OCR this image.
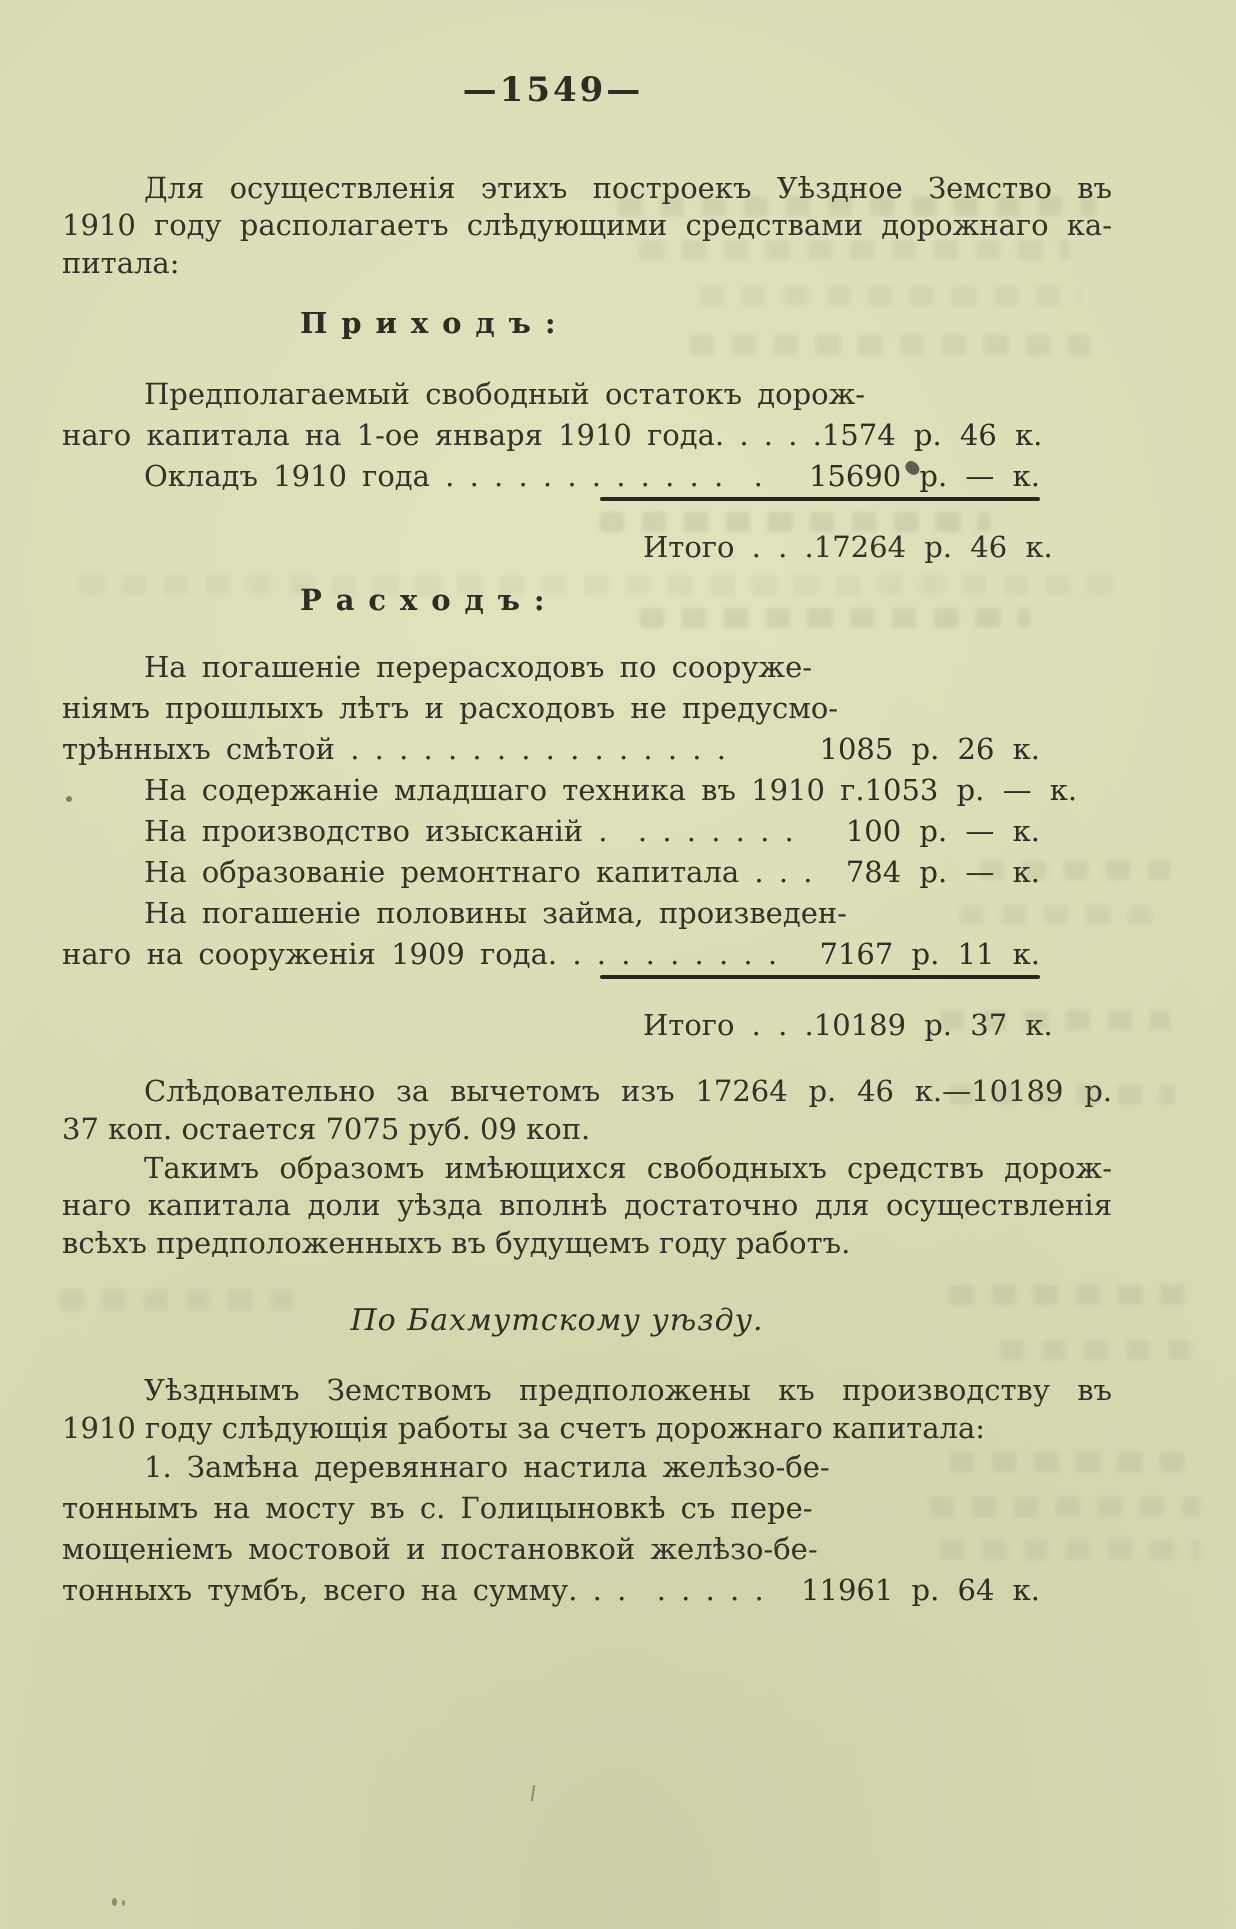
—1549—
Для осуществленія этихъ построекъ Уѣздное Земство въ
1910 году располагаетъ слѣдующими средствами дорожнаго ка-
питала:
Приходъ:
Предполагаемый свободный остатокъ дорож-
наго капитала на 1-ое января 1910 года. . . . . 1574 р. 46 к.
Окладъ 1910 года . . . . . . . . . . . .  . 15690 р. — к.
Итого . . . 17264 р. 46 к.
Расходъ:
На погашеніе перерасходовъ по сооруже-
ніямъ прошлыхъ лѣтъ и расходовъ не предусмо-
трѣнныхъ смѣтой . . . . . . . . . . . . . . . .	1085 р. 26 к.
На содержаніе младшаго техника въ 1910 г. 1053 р. — к.
На производство изысканій .  . . . . . . . 100 р. — к.
На образованіе ремонтнаго капитала . . . 784 р. — к.
На погашеніе половины займа, произведен-
наго на сооруженія 1909 года. . . . . . . . . . 7167 р. 11 к.
Итого . . . 10189 р. 37 к.
Слѣдовательно за вычетомъ изъ 17264 р. 46 к.—10189 р.
37 коп. остается 7075 руб. 09 коп.
Такимъ образомъ имѣющихся свободныхъ средствъ дорож-
наго капитала доли уѣзда вполнѣ достаточно для осуществленія
всѣхъ предположенныхъ въ будущемъ году работъ.
По Бахмутскому уѣзду.
Уѣзднымъ Земствомъ предположены къ производству въ
1910 году слѣдующія работы за счетъ дорожнаго капитала:
1. Замѣна деревяннаго настила желѣзо-бе-
тоннымъ на мосту въ с. Голицыновкѣ съ пере-
мощеніемъ мостовой и постановкой желѣзо-бе-
тонныхъ тумбъ, всего на сумму. . .  . . . . . 11961 р. 64 к.
